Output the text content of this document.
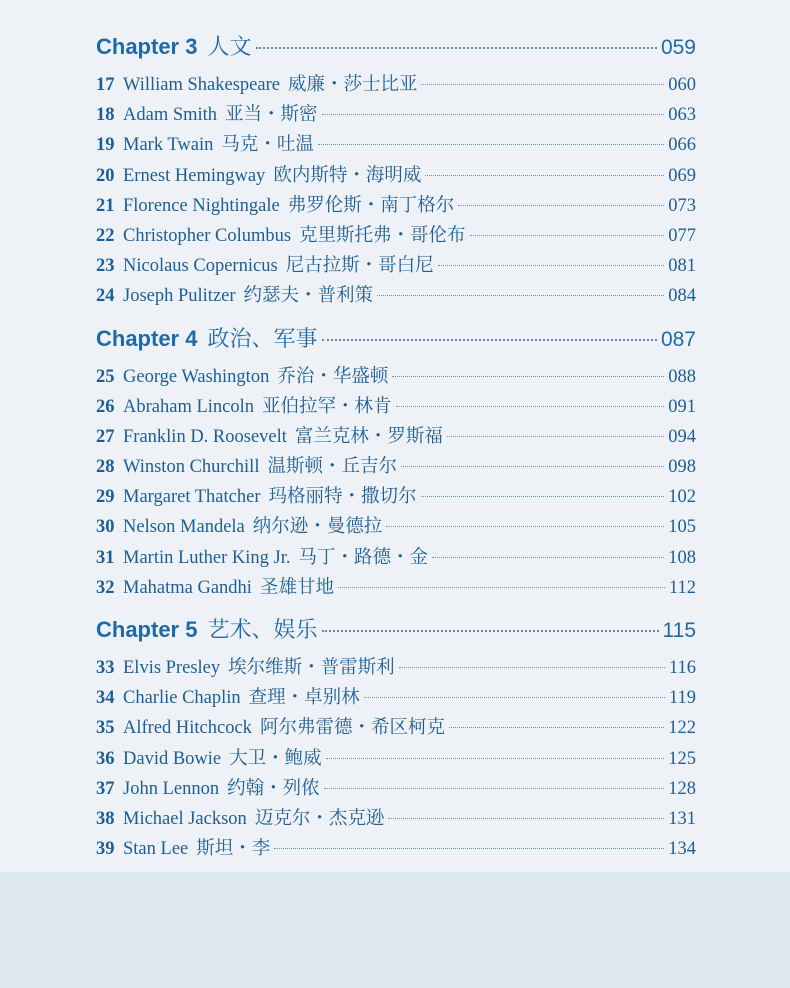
Chapter 3 人文	059
17 William Shakespeare 威廉・莎士比亚	060
18 Adam Smith 亚当・斯密	063
19 Mark Twain 马克・吐温	066
20 Ernest Hemingway 欧内斯特・海明威	069
21 Florence Nightingale 弗罗伦斯・南丁格尔	073
22 Christopher Columbus 克里斯托弗・哥伦布	077
23 Nicolaus Copernicus 尼古拉斯・哥白尼	081
24 Joseph Pulitzer 约瑟夫・普利策	084
Chapter 4 政治、军事	087
25 George Washington 乔治・华盛顿	088
26 Abraham Lincoln 亚伯拉罕・林肯	091
27 Franklin D. Roosevelt 富兰克林・罗斯福	094
28 Winston Churchill 温斯顿・丘吉尔	098
29 Margaret Thatcher 玛格丽特・撒切尔	102
30 Nelson Mandela 纳尔逊・曼德拉	105
31 Martin Luther King Jr. 马丁・路德・金	108
32 Mahatma Gandhi 圣雄甘地	112
Chapter 5 艺术、娱乐	115
33 Elvis Presley 埃尔维斯・普雷斯利	116
34 Charlie Chaplin 查理・卓别林	119
35 Alfred Hitchcock 阿尔弗雷德・希区柯克	122
36 David Bowie 大卫・鲍威	125
37 John Lennon 约翰・列侬	128
38 Michael Jackson 迈克尔・杰克逊	131
39 Stan Lee 斯坦・李	134
